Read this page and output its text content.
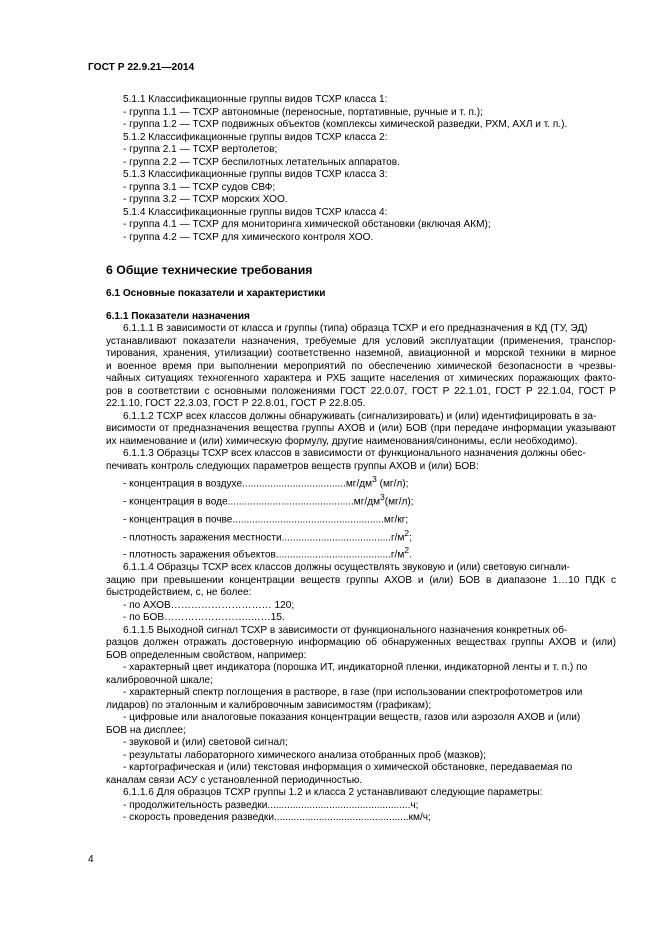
ГОСТ Р 22.9.21—2014
5.1.1 Классификационные группы видов ТСХР класса 1:
- группа 1.1 — ТСХР автономные (переносные, портативные, ручные и т. п.);
- группа 1.2 — ТСХР подвижных объектов (комплексы химической разведки, РХМ, АХЛ и т. п.).
5.1.2 Классификационные группы видов ТСХР класса 2:
- группа 2.1 — ТСХР вертолетов;
- группа 2.2 — ТСХР беспилотных летательных аппаратов.
5.1.3 Классификационные группы видов ТСХР класса 3:
- группа 3.1 — ТСХР судов СВФ;
- группа 3.2 — ТСХР морских ХОО.
5.1.4 Классификационные группы видов ТСХР класса 4:
- группа 4.1 — ТСХР для мониторинга химической обстановки (включая АКМ);
- группа 4.2 — ТСХР для химического контроля ХОО.
6 Общие технические требования
6.1 Основные показатели и характеристики
6.1.1 Показатели назначения
6.1.1.1 В зависимости от класса и группы (типа) образца ТСХР и его предназначения в КД (ТУ, ЭД)
устанавливают показатели назначения, требуемые для условий эксплуатации (применения, транспор-
тирования, хранения, утилизации) соответственно наземной, авиационной и морской техники в мирное
и военное время при выполнении мероприятий по обеспечению химической безопасности в чрезвы-
чайных ситуациях техногенного характера и РХБ защите населения от химических поражающих факто-
ров в соответствии с основными положениями ГОСТ 22.0.07, ГОСТ Р 22.1.01, ГОСТ Р 22.1.04, ГОСТ Р
22.1.10, ГОСТ 22.3.03, ГОСТ Р 22.8.01, ГОСТ Р 22.8.05.
6.1.1.2 ТСХР всех классов должны обнаруживать (сигнализировать) и (или) идентифицировать в за-
висимости от предназначения вещества группы АХОВ и (или) БОВ (при передаче информации указывают
их наименование и (или) химическую формулу, другие наименования/синонимы, если необходимо).
6.1.1.3 Образцы ТСХР всех классов в зависимости от функционального назначения должны обес-
печивать контроль следующих параметров веществ группы АХОВ и (или) БОВ:
- концентрация в $воздухе.....................................мг/дм^3$ (мг/л);
- концентрация в $воде.............................................мг/дм^3(мг/л)$;
- концентрация в почве......................................................мг/кг;
- плотность заражения $местности.......................................г/м^2$;
- плотность заражения $объектов.........................................г/м^2$.
6.1.1.4 Образцы ТСХР всех классов должны осуществлять звуковую и (или) световую сигнали-
зацию при превышении концентрации веществ группы АХОВ и (или) БОВ в диапазоне 1…10 ПДК с
быстродействием, с, не более:
- по АХОВ………………………… 120;
- по БОВ……………………..……15.
6.1.1.5 Выходной сигнал ТСХР в зависимости от функционального назначения конкретных об-
разцов должен отражать достоверную информацию об обнаруженных веществах группы АХОВ и (или)
БОВ определенным свойством, например:
- характерный цвет индикатора (порошка ИТ, индикаторной пленки, индикаторной ленты и т. п.) по
калибровочной шкале;
- характерный спектр поглощения в растворе, в газе (при использовании спектрофотометров или
лидаров) по эталонным и калибровочным зависимостям (графикам);
- цифровые или аналоговые показания концентрации веществ, газов или аэрозоля АХОВ и (или)
БОВ на дисплее;
- звуковой и (или) световой сигнал;
- результаты лабораторного химического анализа отобранных проб (мазков);
- картографическая и (или) текстовая информация о химической обстановке, передаваемая по
каналам связи АСУ с установленной периодичностью.
6.1.1.6 Для образцов ТСХР группы 1.2 и класса 2 устанавливают следующие параметры:
- продолжительность разведки...................................................ч;
- скорость проведения разведки................................................км/ч;
4
